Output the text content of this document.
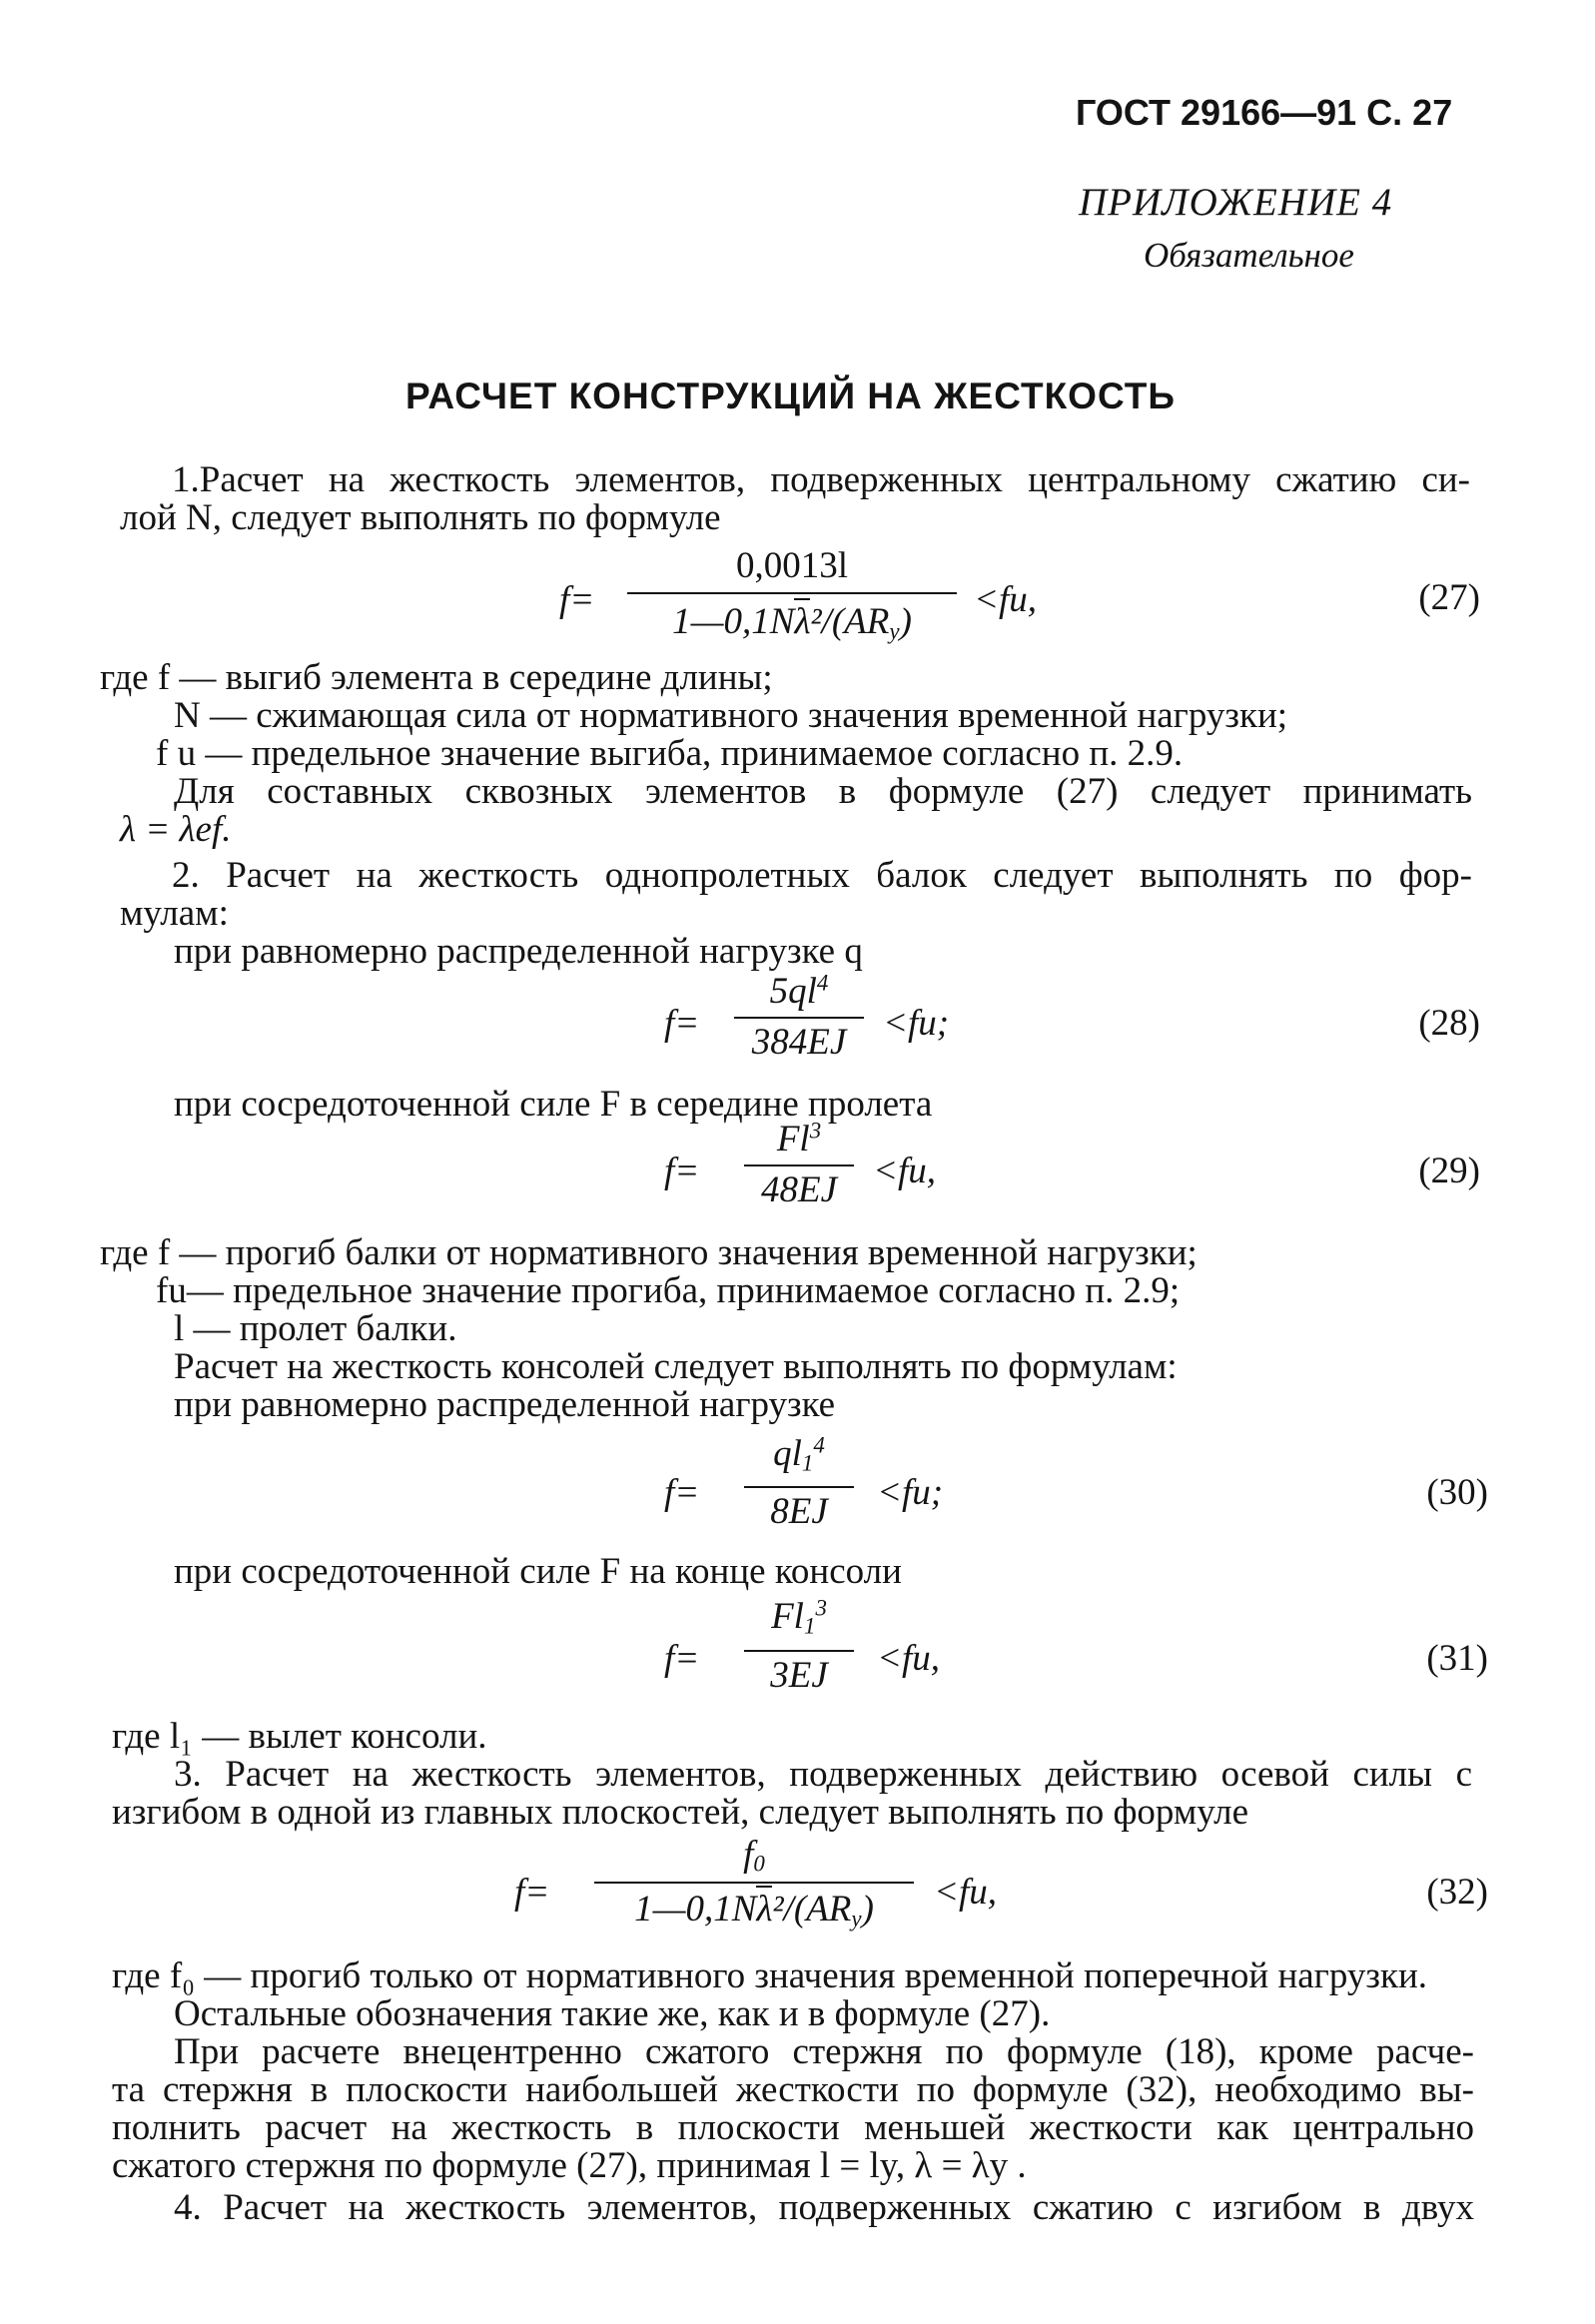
ГОСТ 29166—91 С. 27
ПРИЛОЖЕНИЕ 4
Обязательное
РАСЧЕТ КОНСТРУКЦИЙ НА ЖЕСТКОСТЬ
1.Расчет на жесткость элементов, подверженных центральному сжатию си-
лой N, следует выполнять по формуле
f=
0,0013l
$1—0,1N\lambda^2/(AR_y)$
<fu,	(27)
где f — выгиб элемента в середине длины;
N — сжимающая сила от нормативного значения временной нагрузки;
f u — предельное значение выгиба, принимаемое согласно п. 2.9.
Для составных сквозных элементов в формуле (27) следует принимать
λ = λef.
2. Расчет на жесткость однопролетных балок следует выполнять по фор-
мулам:
при равномерно распределенной нагрузке q
f=
$5ql^4$
384EJ <fu;	(28)
при сосредоточенной силе F в середине пролета
f=
$Fl^3$
48EJ <fu,	(29)
где f — прогиб балки от нормативного значения временной нагрузки;
fu— предельное значение прогиба, принимаемое согласно п. 2.9;
l — пролет балки.
Расчет на жесткость консолей следует выполнять по формулам:
при равномерно распределенной нагрузке
f=
$ql_1^4$
8EJ	<fu;	(30)
при сосредоточенной силе F на конце консоли
f=
$Fl_1^3$
3EJ	<fu,	(31)
где l₁ — вылет консоли.
3. Расчет на жесткость элементов, подверженных действию осевой силы с
изгибом в одной из главных плоскостей, следует выполнять по формуле
f=
$f_0$
$1—0,1N\lambda^2/(AR_y)$	<fu,	(32)
где f₀ — прогиб только от нормативного значения временной поперечной нагрузки.
Остальные обозначения такие же, как и в формуле (27).
При расчете внецентренно сжатого стержня по формуле (18), кроме расче-
та стержня в плоскости наибольшей жесткости по формуле (32), необходимо вы-
полнить расчет на жесткость в плоскости меньшей жесткости как центрально
сжатого стержня по формуле (27), принимая l = ly, λ = λy .
4. Расчет на жесткость элементов, подверженных сжатию с изгибом в двух
